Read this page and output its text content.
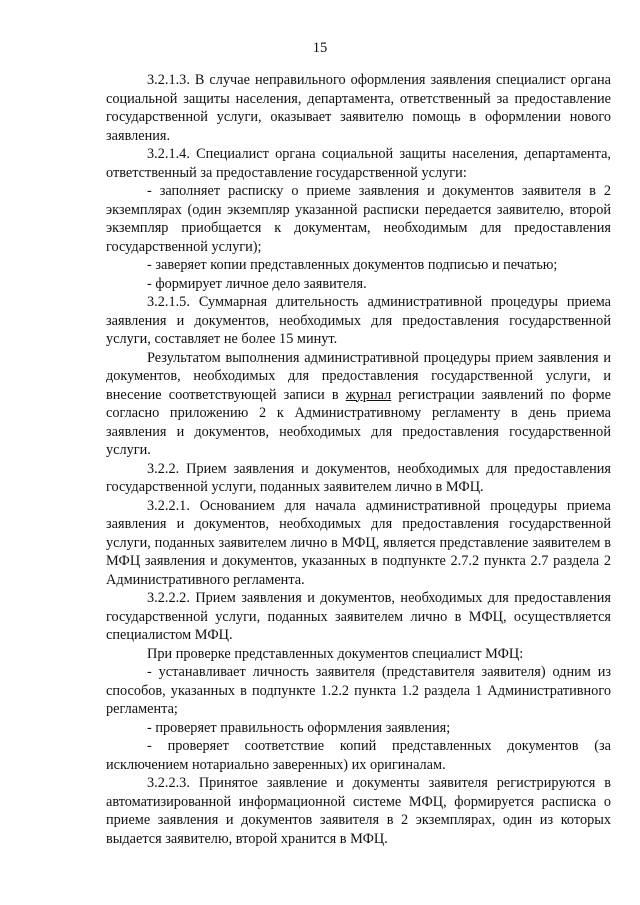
15

3.2.1.3. В случае неправильного оформления заявления специалист органа социальной защиты населения, департамента, ответственный за предоставление государственной услуги, оказывает заявителю помощь в оформлении нового заявления.

3.2.1.4. Специалист органа социальной защиты населения, департамента, ответственный за предоставление государственной услуги:

- заполняет расписку о приеме заявления и документов заявителя в 2 экземплярах (один экземпляр указанной расписки передается заявителю, второй экземпляр приобщается к документам, необходимым для предоставления государственной услуги);

- заверяет копии представленных документов подписью и печатью;

- формирует личное дело заявителя.

3.2.1.5. Суммарная длительность административной процедуры приема заявления и документов, необходимых для предоставления государственной услуги, составляет не более 15 минут.

Результатом выполнения административной процедуры прием заявления и документов, необходимых для предоставления государственной услуги, и внесение соответствующей записи в журнал регистрации заявлений по форме согласно приложению 2 к Административному регламенту в день приема заявления и документов, необходимых для предоставления государственной услуги.

3.2.2. Прием заявления и документов, необходимых для предоставления государственной услуги, поданных заявителем лично в МФЦ.

3.2.2.1. Основанием для начала административной процедуры приема заявления и документов, необходимых для предоставления государственной услуги, поданных заявителем лично в МФЦ, является представление заявителем в МФЦ заявления и документов, указанных в подпункте 2.7.2 пункта 2.7 раздела 2 Административного регламента.

3.2.2.2. Прием заявления и документов, необходимых для предоставления государственной услуги, поданных заявителем лично в МФЦ, осуществляется специалистом МФЦ.

При проверке представленных документов специалист МФЦ:

- устанавливает личность заявителя (представителя заявителя) одним из способов, указанных в подпункте 1.2.2 пункта 1.2 раздела 1 Административного регламента;

- проверяет правильность оформления заявления;

- проверяет соответствие копий представленных документов (за исключением нотариально заверенных) их оригиналам.

3.2.2.3. Принятое заявление и документы заявителя регистрируются в автоматизированной информационной системе МФЦ, формируется расписка о приеме заявления и документов заявителя в 2 экземплярах, один из которых выдается заявителю, второй хранится в МФЦ.
